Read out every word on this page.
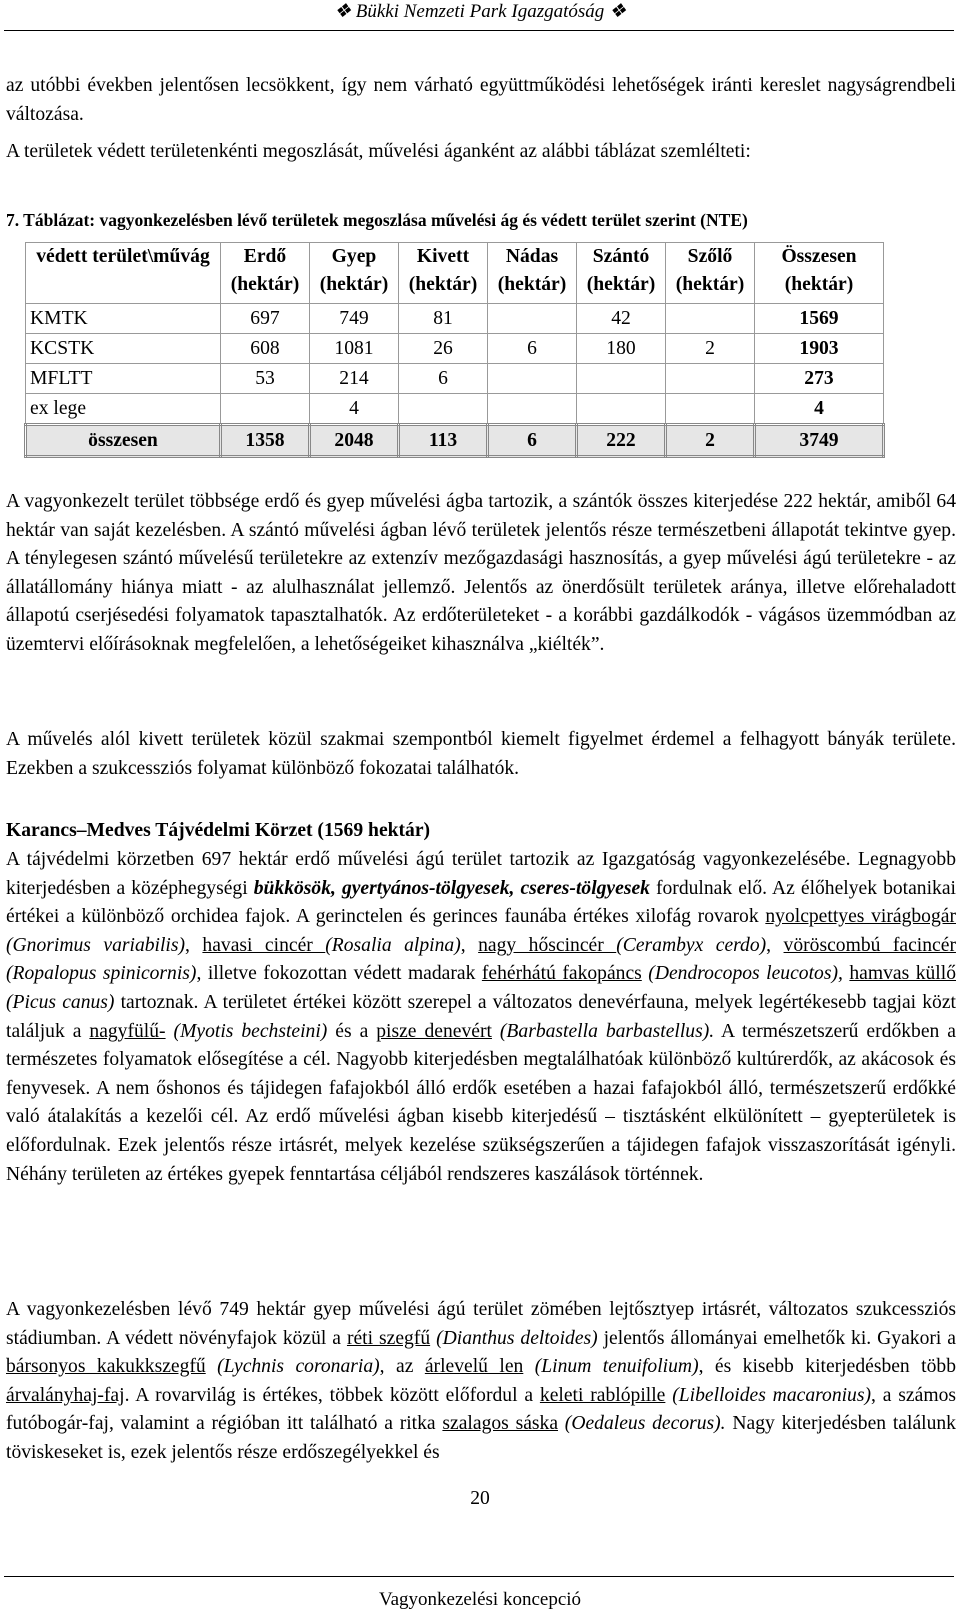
❖ Bükki Nemzeti Park Igazgatóság ❖
az utóbbi években jelentősen lecsökkent, így nem várható együttműködési lehetőségek iránti kereslet nagyságrendbeli változása.
A területek védett területenkénti megoszlását, művelési áganként az alábbi táblázat szemlélteti:
7. Táblázat: vagyonkezelésben lévő területek megoszlása művelési ág és védett terület szerint (NTE)
védett terület\művág	Erdő (hektár)	Gyep (hektár)	Kivett (hektár)	Nádas (hektár)	Szántó (hektár)	Szőlő (hektár)	Összesen (hektár)
KMTK	697	749	81		42		1569
KCSTK	608	1081	26	6	180	2	1903
MFLTT	53	214	6				273
ex lege		4					4
összesen	1358	2048	113	6	222	2	3749
A vagyonkezelt terület többsége erdő és gyep művelési ágba tartozik, a szántók összes kiterjedése 222 hektár, amiből 64 hektár van saját kezelésben. A szántó művelési ágban lévő területek jelentős része természetbeni állapotát tekintve gyep. A ténylegesen szántó művelésű területekre az extenzív mezőgazdasági hasznosítás, a gyep művelési ágú területekre - az állatállomány hiánya miatt - az alulhasználat jellemző. Jelentős az önerdősült területek aránya, illetve előrehaladott állapotú cserjésedési folyamatok tapasztalhatók. Az erdőterületeket - a korábbi gazdálkodók - vágásos üzemmódban az üzemtervi előírásoknak megfelelően, a lehetőségeiket kihasználva „kiélték”.
A művelés alól kivett területek közül szakmai szempontból kiemelt figyelmet érdemel a felhagyott bányák területe. Ezekben a szukcessziós folyamat különböző fokozatai találhatók.
Karancs–Medves Tájvédelmi Körzet (1569 hektár)
A tájvédelmi körzetben 697 hektár erdő művelési ágú terület tartozik az Igazgatóság vagyonkezelésébe. Legnagyobb kiterjedésben a középhegységi bükkösök, gyertyános-tölgyesek, cseres-tölgyesek fordulnak elő. Az élőhelyek botanikai értékei a különböző orchidea fajok. A gerinctelen és gerinces faunába értékes xilofág rovarok nyolcpettyes virágbogár (Gnorimus variabilis), havasi cincér (Rosalia alpina), nagy hőscincér (Cerambyx cerdo), vöröscombú facincér (Ropalopus spinicornis), illetve fokozottan védett madarak fehérhátú fakopáncs (Dendrocopos leucotos), hamvas küllő (Picus canus) tartoznak. A területet értékei között szerepel a változatos denevérfauna, melyek legértékesebb tagjai közt találjuk a nagyfülű- (Myotis bechsteini) és a pisze denevért (Barbastella barbastellus). A természetszerű erdőkben a természetes folyamatok elősegítése a cél. Nagyobb kiterjedésben megtalálhatóak különböző kultúrerdők, az akácosok és fenyvesek. A nem őshonos és tájidegen fafajokból álló erdők esetében a hazai fafajokból álló, természetszerű erdőkké való átalakítás a kezelői cél. Az erdő művelési ágban kisebb kiterjedésű – tisztásként elkülönített – gyepterületek is előfordulnak. Ezek jelentős része irtásrét, melyek kezelése szükségszerűen a tájidegen fafajok visszaszorítását igényli. Néhány területen az értékes gyepek fenntartása céljából rendszeres kaszálások történnek.
A vagyonkezelésben lévő 749 hektár gyep művelési ágú terület zömében lejtősztyep irtásrét, változatos szukcessziós stádiumban. A védett növényfajok közül a réti szegfű (Dianthus deltoides) jelentős állományai emelhetők ki. Gyakori a bársonyos kakukkszegfű (Lychnis coronaria), az árlevelű len (Linum tenuifolium), és kisebb kiterjedésben több árvalányhaj-faj. A rovarvilág is értékes, többek között előfordul a keleti rablópille (Libelloides macaronius), a számos futóbogár-faj, valamint a régióban itt található a ritka szalagos sáska (Oedaleus decorus). Nagy kiterjedésben találunk töviskeseket is, ezek jelentős része erdőszegélyekkel és
20
Vagyonkezelési koncepció
